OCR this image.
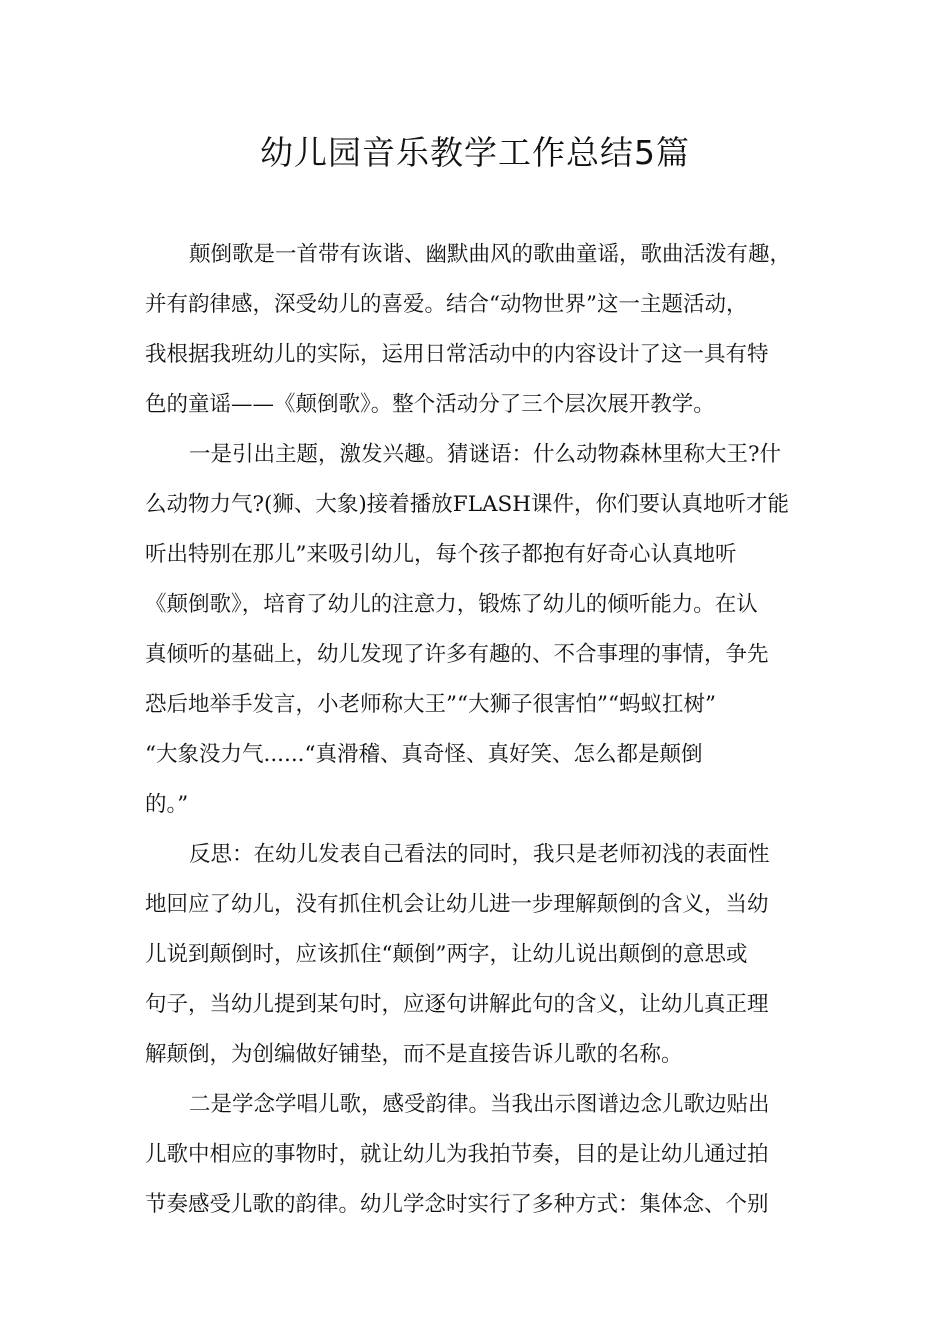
幼儿园音乐教学工作总结5篇
颠倒歌是一首带有诙谐、幽默曲风的歌曲童谣，歌曲活泼有趣，
并有韵律感，深受幼儿的喜爱。结合“动物世界”这一主题活动，
我根据我班幼儿的实际，运用日常活动中的内容设计了这一具有特
色的童谣——《颠倒歌》。整个活动分了三个层次展开教学。
一是引出主题，激发兴趣。猜谜语：什么动物森林里称大王?什
么动物力气?(狮、大象)接着播放FLASH课件，你们要认真地听才能
听出特别在那儿”来吸引幼儿，每个孩子都抱有好奇心认真地听
《颠倒歌》，培育了幼儿的注意力，锻炼了幼儿的倾听能力。在认
真倾听的基础上，幼儿发现了许多有趣的、不合事理的事情，争先
恐后地举手发言，小老师称大王”“大狮子很害怕”“蚂蚁扛树”
“大象没力气......“真滑稽、真奇怪、真好笑、怎么都是颠倒
的。”
反思：在幼儿发表自己看法的同时，我只是老师初浅的表面性
地回应了幼儿，没有抓住机会让幼儿进一步理解颠倒的含义，当幼
儿说到颠倒时，应该抓住“颠倒”两字，让幼儿说出颠倒的意思或
句子，当幼儿提到某句时，应逐句讲解此句的含义，让幼儿真正理
解颠倒，为创编做好铺垫，而不是直接告诉儿歌的名称。
二是学念学唱儿歌，感受韵律。当我出示图谱边念儿歌边贴出
儿歌中相应的事物时，就让幼儿为我拍节奏，目的是让幼儿通过拍
节奏感受儿歌的韵律。幼儿学念时实行了多种方式：集体念、个别
